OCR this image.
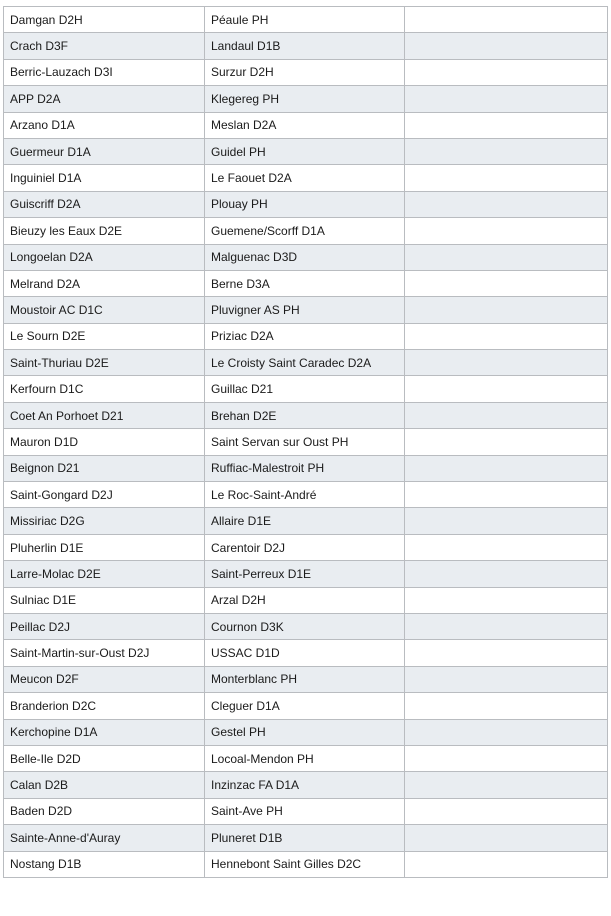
Damgan D2H	Péaule PH	
Crach D3F	Landaul D1B	
Berric-Lauzach D3I	Surzur D2H	
APP D2A	Klegereg PH	
Arzano D1A	Meslan D2A	
Guermeur D1A	Guidel PH	
Inguiniel D1A	Le Faouet D2A	
Guiscriff D2A	Plouay PH	
Bieuzy les Eaux D2E	Guemene/Scorff D1A	
Longoelan D2A	Malguenac D3D	
Melrand D2A	Berne D3A	
Moustoir AC D1C	Pluvigner AS PH	
Le Sourn D2E	Priziac D2A	
Saint-Thuriau D2E	Le Croisty Saint Caradec D2A	
Kerfourn D1C	Guillac D21	
Coet An Porhoet D21	Brehan D2E	
Mauron D1D	Saint Servan sur Oust PH	
Beignon D21	Ruffiac-Malestroit PH	
Saint-Gongard D2J	Le Roc-Saint-André	
Missiriac D2G	Allaire D1E	
Pluherlin D1E	Carentoir D2J	
Larre-Molac D2E	Saint-Perreux D1E	
Sulniac D1E	Arzal D2H	
Peillac D2J	Cournon D3K	
Saint-Martin-sur-Oust D2J	USSAC D1D	
Meucon D2F	Monterblanc PH	
Branderion D2C	Cleguer D1A	
Kerchopine D1A	Gestel PH	
Belle-Ile D2D	Locoal-Mendon PH	
Calan D2B	Inzinzac FA D1A	
Baden D2D	Saint-Ave PH	
Sainte-Anne-d'Auray	Pluneret D1B	
Nostang D1B	Hennebont Saint Gilles D2C	
